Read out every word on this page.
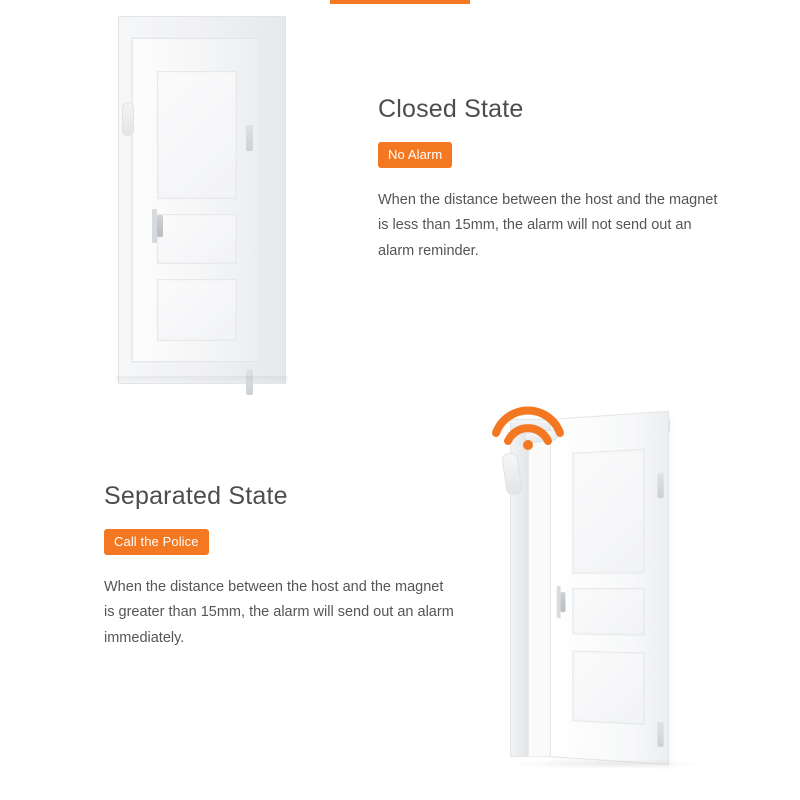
Closed State
No Alarm

When the distance between the host and the magnet is less than 15mm, the alarm will not send out an alarm reminder.

Separated State
Call the Police

When the distance between the host and the magnet is greater than 15mm, the alarm will send out an alarm immediately.
